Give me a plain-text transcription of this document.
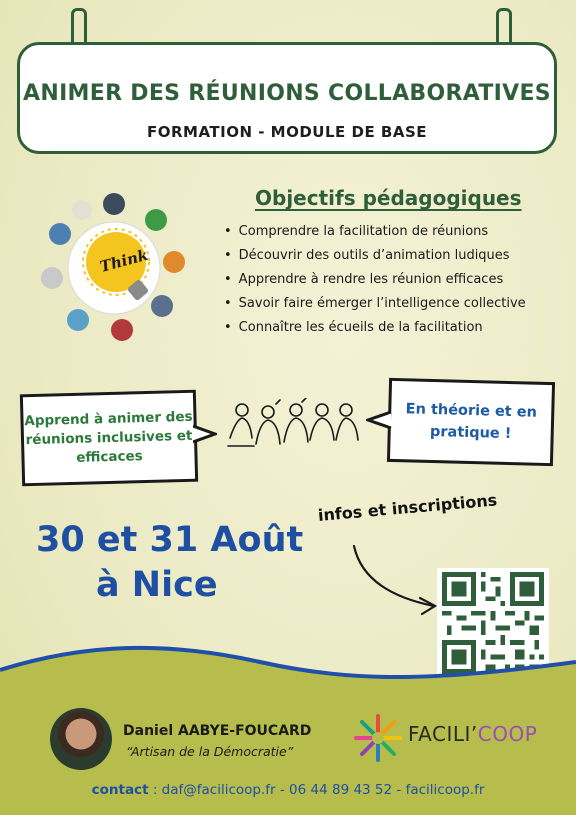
ANIMER DES RÉUNIONS COLLABORATIVES
FORMATION - MODULE DE BASE
Think
Objectifs pédagogiques
• Comprendre la facilitation de réunions
• Découvrir des outils d’animation ludiques
• Apprendre à rendre les réunion efficaces
• Savoir faire émerger l’intelligence collective
• Connaître les écueils de la facilitation
Apprend à animer des réunions inclusives et efficaces
En théorie et en pratique !
30 et 31 Août
à Nice
infos et inscriptions
Daniel AABYE-FOUCARD
“Artisan de la Démocratie”
FACILI’COOP
contact : daf@facilicoop.fr - 06 44 89 43 52 - facilicoop.fr
